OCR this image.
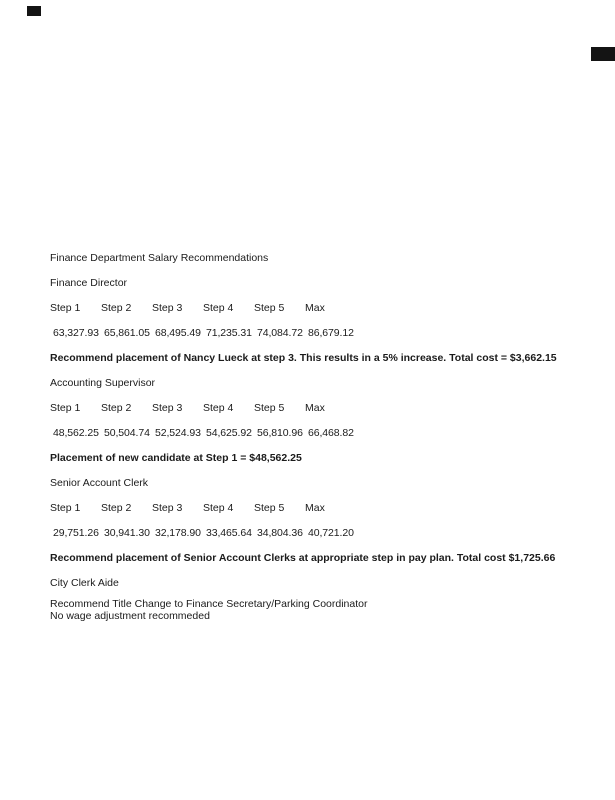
Finance Department Salary Recommendations

Finance Director

Step 1 Step 2 Step 3 Step 4 Step 5 Max

63,327.93 65,861.05 68,495.49 71,235.31 74,084.72 86,679.12

Recommend placement of Nancy Lueck at step 3. This results in a 5% increase. Total cost = $3,662.15

Accounting Supervisor

Step 1 Step 2 Step 3 Step 4 Step 5 Max

48,562.25 50,504.74 52,524.93 54,625.92 56,810.96 66,468.82

Placement of new candidate at Step 1 = $48,562.25

Senior Account Clerk

Step 1 Step 2 Step 3 Step 4 Step 5 Max

29,751.26 30,941.30 32,178.90 33,465.64 34,804.36 40,721.20

Recommend placement of Senior Account Clerks at appropriate step in pay plan. Total cost $1,725.66

City Clerk Aide

Recommend Title Change to Finance Secretary/Parking Coordinator
No wage adjustment recommeded
